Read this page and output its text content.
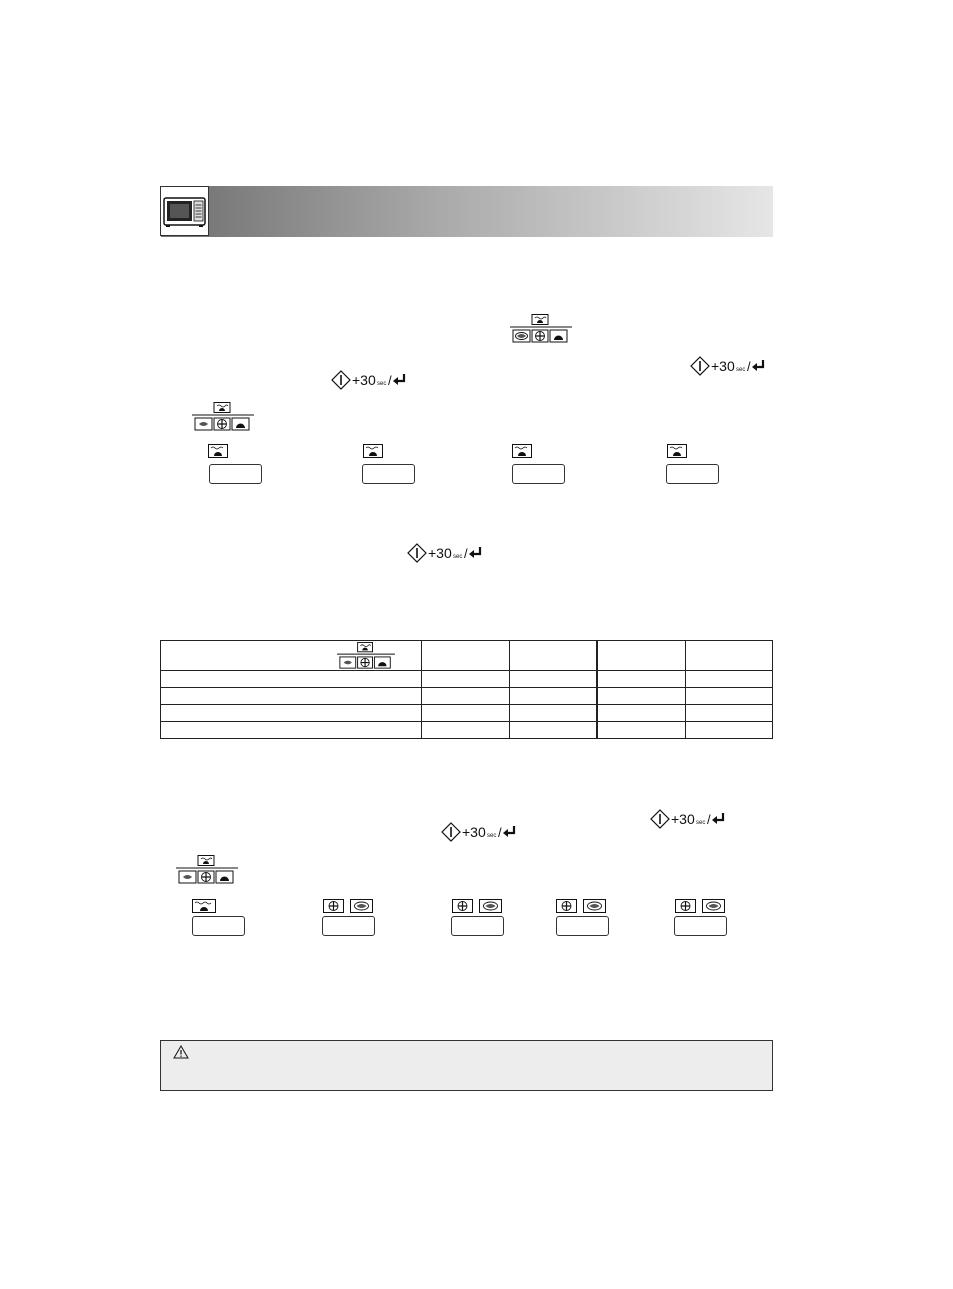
+30 sec /
+30 sec /
+30 sec /

+30 sec /
+30 sec /
